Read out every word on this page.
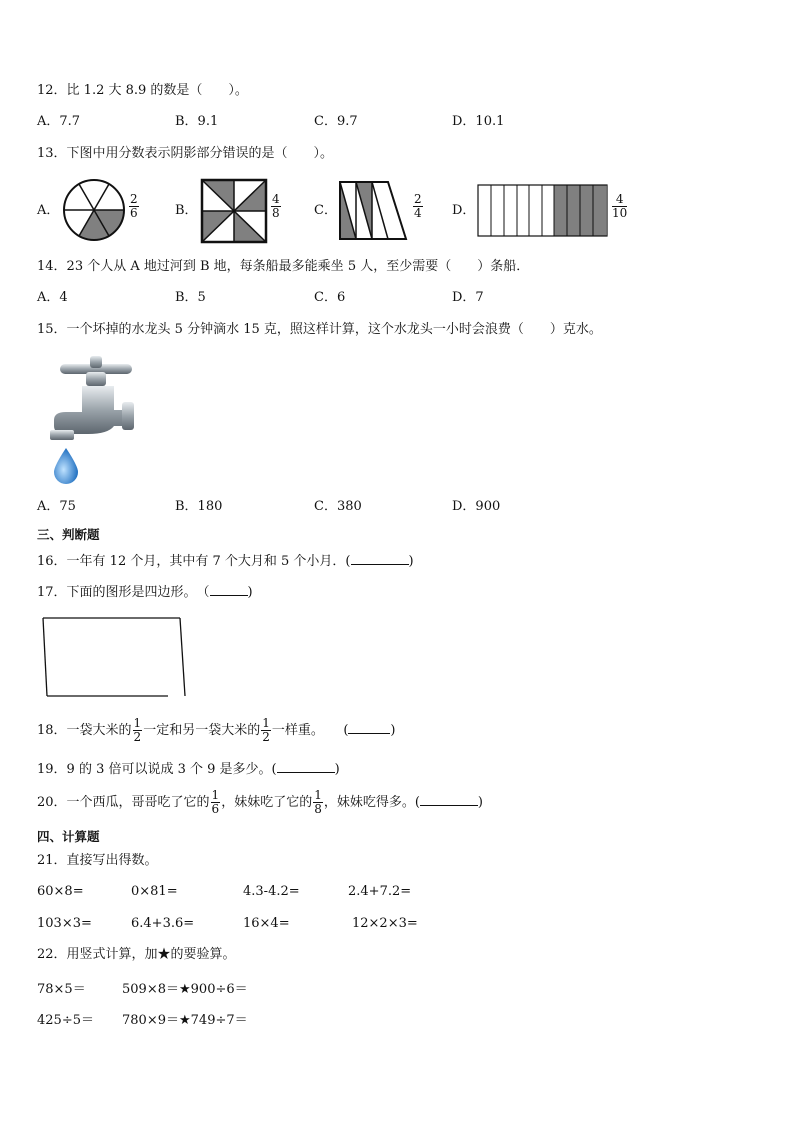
12．比 1.2 大 8.9 的数是（　　）。
A．7.7	B．9.1	C．9.7	D．10.1
13．下图中用分数表示阴影部分错误的是（　　）。
A．	$\frac{2}{6}$	B．	$\frac{4}{8}$	C．	$\frac{2}{4}$ D．	$\frac{4}{10}$
14．23 个人从 A 地过河到 B 地，每条船最多能乘坐 5 人，至少需要（　　）条船．
A．4	B．5	C．6	D．7
15．一个坏掉的水龙头 5 分钟滴水 15 克，照这样计算，这个水龙头一小时会浪费（　　）克水。
A．75	B．180	C．380	D．900
三、判断题
16．一年有 12 个月，其中有 7 个大月和 5 个小月．(	)
17．下面的图形是四边形。　（	)
18．一袋大米的 $\frac{1}{2}$ 一定和另一袋大米的 $\frac{1}{2}$ 一样重。　　(	)
19．9 的 3 倍可以说成 3 个 9 是多少。(	)
20．一个西瓜，哥哥吃了它的 $\frac{1}{6}$ ，妹妹吃了它的 $\frac{1}{8}$ ，妹妹吃得多。(	)
四、计算题
21．直接写出得数。
60×8=	0×81=	4.3-4.2=	2.4+7.2=
103×3=	6.4+3.6=	16×4=	12×2×3=
22．用竖式计算，加★的要验算。
78×5＝	509×8＝ ★900÷6＝
425÷5＝ 780×9＝ ★749÷7＝
